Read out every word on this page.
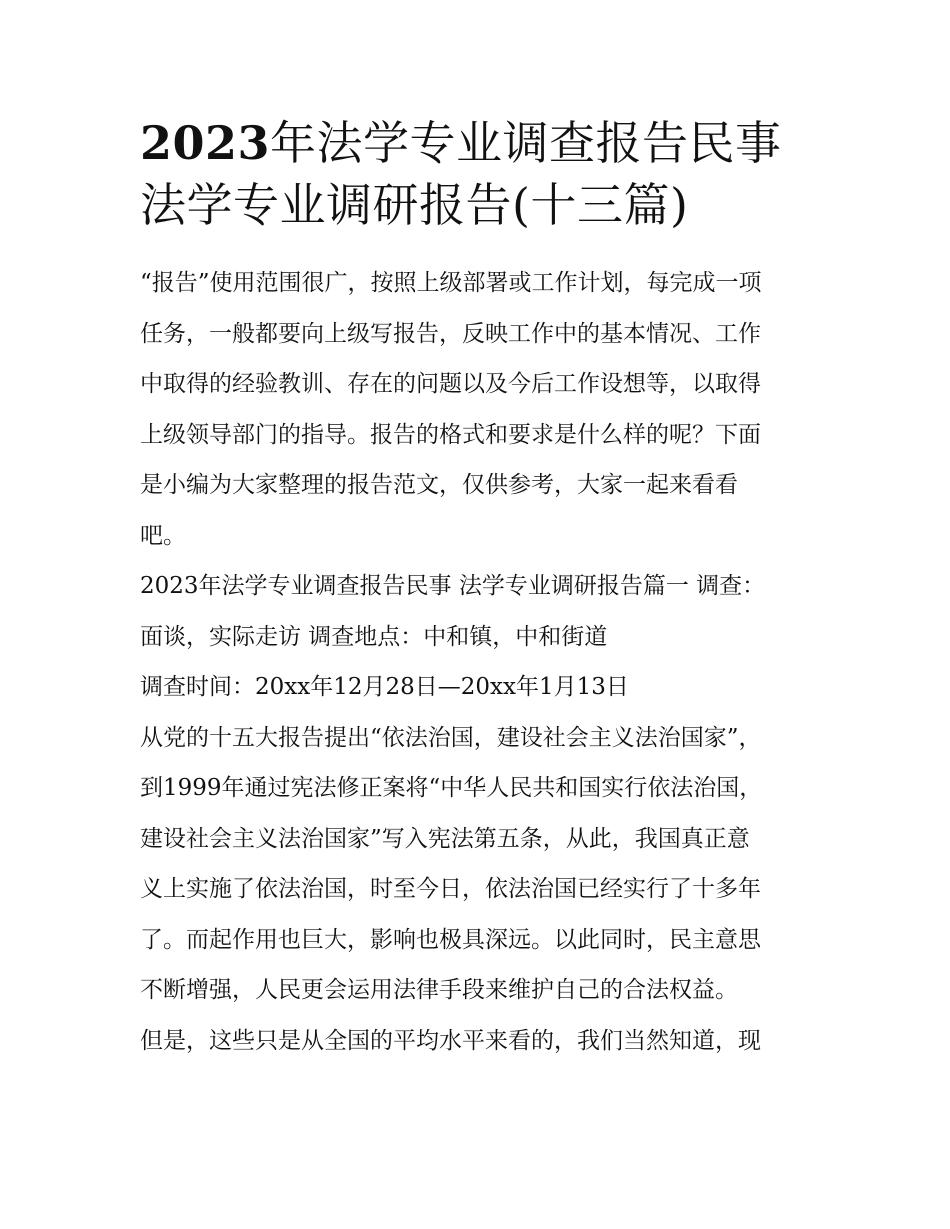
2023年法学专业调查报告民事
法学专业调研报告(十三篇)
“报告”使用范围很广，按照上级部署或工作计划，每完成一项
任务，一般都要向上级写报告，反映工作中的基本情况、工作
中取得的经验教训、存在的问题以及今后工作设想等，以取得
上级领导部门的指导。报告的格式和要求是什么样的呢？下面
是小编为大家整理的报告范文，仅供参考，大家一起来看看
吧。
2023年法学专业调查报告民事 法学专业调研报告篇一 调查：
面谈，实际走访 调查地点：中和镇，中和街道
调查时间：20xx年12月28日—20xx年1月13日
从党的十五大报告提出“依法治国，建设社会主义法治国家”，
到1999年通过宪法修正案将“中华人民共和国实行依法治国，
建设社会主义法治国家”写入宪法第五条，从此，我国真正意
义上实施了依法治国，时至今日，依法治国已经实行了十多年
了。而起作用也巨大，影响也极具深远。以此同时，民主意思
不断增强，人民更会运用法律手段来维护自己的合法权益。
但是，这些只是从全国的平均水平来看的，我们当然知道，现
